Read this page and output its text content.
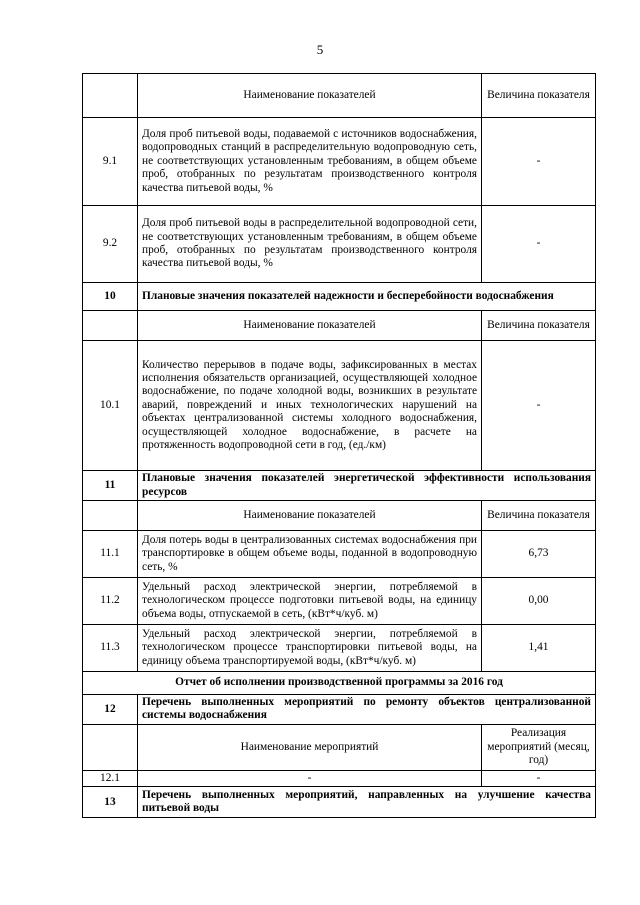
5
	Наименование показателей	Величина показателя
9.1	Доля проб питьевой воды, подаваемой с источников водоснабжения, водопроводных станций в распределительную водопроводную сеть, не соответствующих установленным требованиям, в общем объеме проб, отобранных по результатам производственного контроля качества питьевой воды, %	-
9.2	Доля проб питьевой воды в распределительной водопроводной сети, не соответствующих установленным требованиям, в общем объеме проб, отобранных по результатам производственного контроля качества питьевой воды, %	-
10	Плановые значения показателей надежности и бесперебойности водоснабжения	
	Наименование показателей	Величина показателя
10.1	Количество перерывов в подаче воды, зафиксированных в местах исполнения обязательств организацией, осуществляющей холодное водоснабжение, по подаче холодной воды, возникших в результате аварий, повреждений и иных технологических нарушений на объектах централизованной системы холодного водоснабжения, осуществляющей холодное водоснабжение, в расчете на протяженность водопроводной сети в год, (ед./км)	-
11	Плановые значения показателей энергетической эффективности использования ресурсов	
	Наименование показателей	Величина показателя
11.1	Доля потерь воды в централизованных системах водоснабжения при транспортировке в общем объеме воды, поданной в водопроводную сеть, %	6,73
11.2	Удельный расход электрической энергии, потребляемой в технологическом процессе подготовки питьевой воды, на единицу объема воды, отпускаемой в сеть, (кВт*ч/куб. м)	0,00
11.3	Удельный расход электрической энергии, потребляемой в технологическом процессе транспортировки питьевой воды, на единицу объема транспортируемой воды, (кВт*ч/куб. м)	1,41
Отчет об исполнении производственной программы за 2016 год		
12	Перечень выполненных мероприятий по ремонту объектов централизованной системы водоснабжения	
	Наименование мероприятий	Реализация мероприятий (месяц, год)
12.1	-	-
13	Перечень выполненных мероприятий, направленных на улучшение качества питьевой воды	
